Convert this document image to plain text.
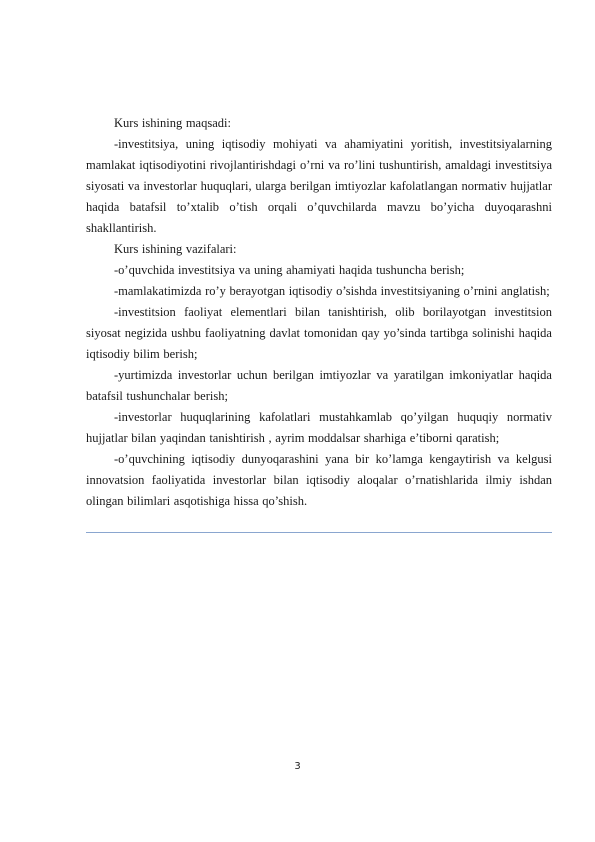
Kurs ishining maqsadi:

-investitsiya, uning iqtisodiy mohiyati va ahamiyatini yoritish, investitsiyalarning mamlakat iqtisodiyotini rivojlantirishdagi o’rni va ro’lini tushuntirish, amaldagi investitsiya siyosati va investorlar huquqlari, ularga berilgan imtiyozlar kafolatlangan normativ hujjatlar haqida batafsil to’xtalib o’tish orqali o’quvchilarda mavzu bo’yicha duyoqarashni shakllantirish.

Kurs ishining vazifalari:

-o’quvchida investitsiya va uning ahamiyati haqida tushuncha berish;

-mamlakatimizda ro’y berayotgan iqtisodiy o’sishda investitsiyaning o’rnini anglatish;

-investitsion faoliyat elementlari bilan tanishtirish, olib borilayotgan investitsion siyosat negizida ushbu faoliyatning davlat tomonidan qay yo’sinda tartibga solinishi haqida iqtisodiy bilim berish;

-yurtimizda investorlar uchun berilgan imtiyozlar va yaratilgan imkoniyatlar haqida batafsil tushunchalar berish;

-investorlar huquqlarining kafolatlari mustahkamlab qo’yilgan huquqiy normativ hujjatlar bilan yaqindan tanishtirish , ayrim moddalsar sharhiga e’tiborni qaratish;

-o’quvchining iqtisodiy dunyoqarashini yana bir ko’lamga kengaytirish va kelgusi innovatsion faoliyatida investorlar bilan iqtisodiy aloqalar o’rnatishlarida ilmiy ishdan olingan bilimlari asqotishiga hissa qo’shish.

3
